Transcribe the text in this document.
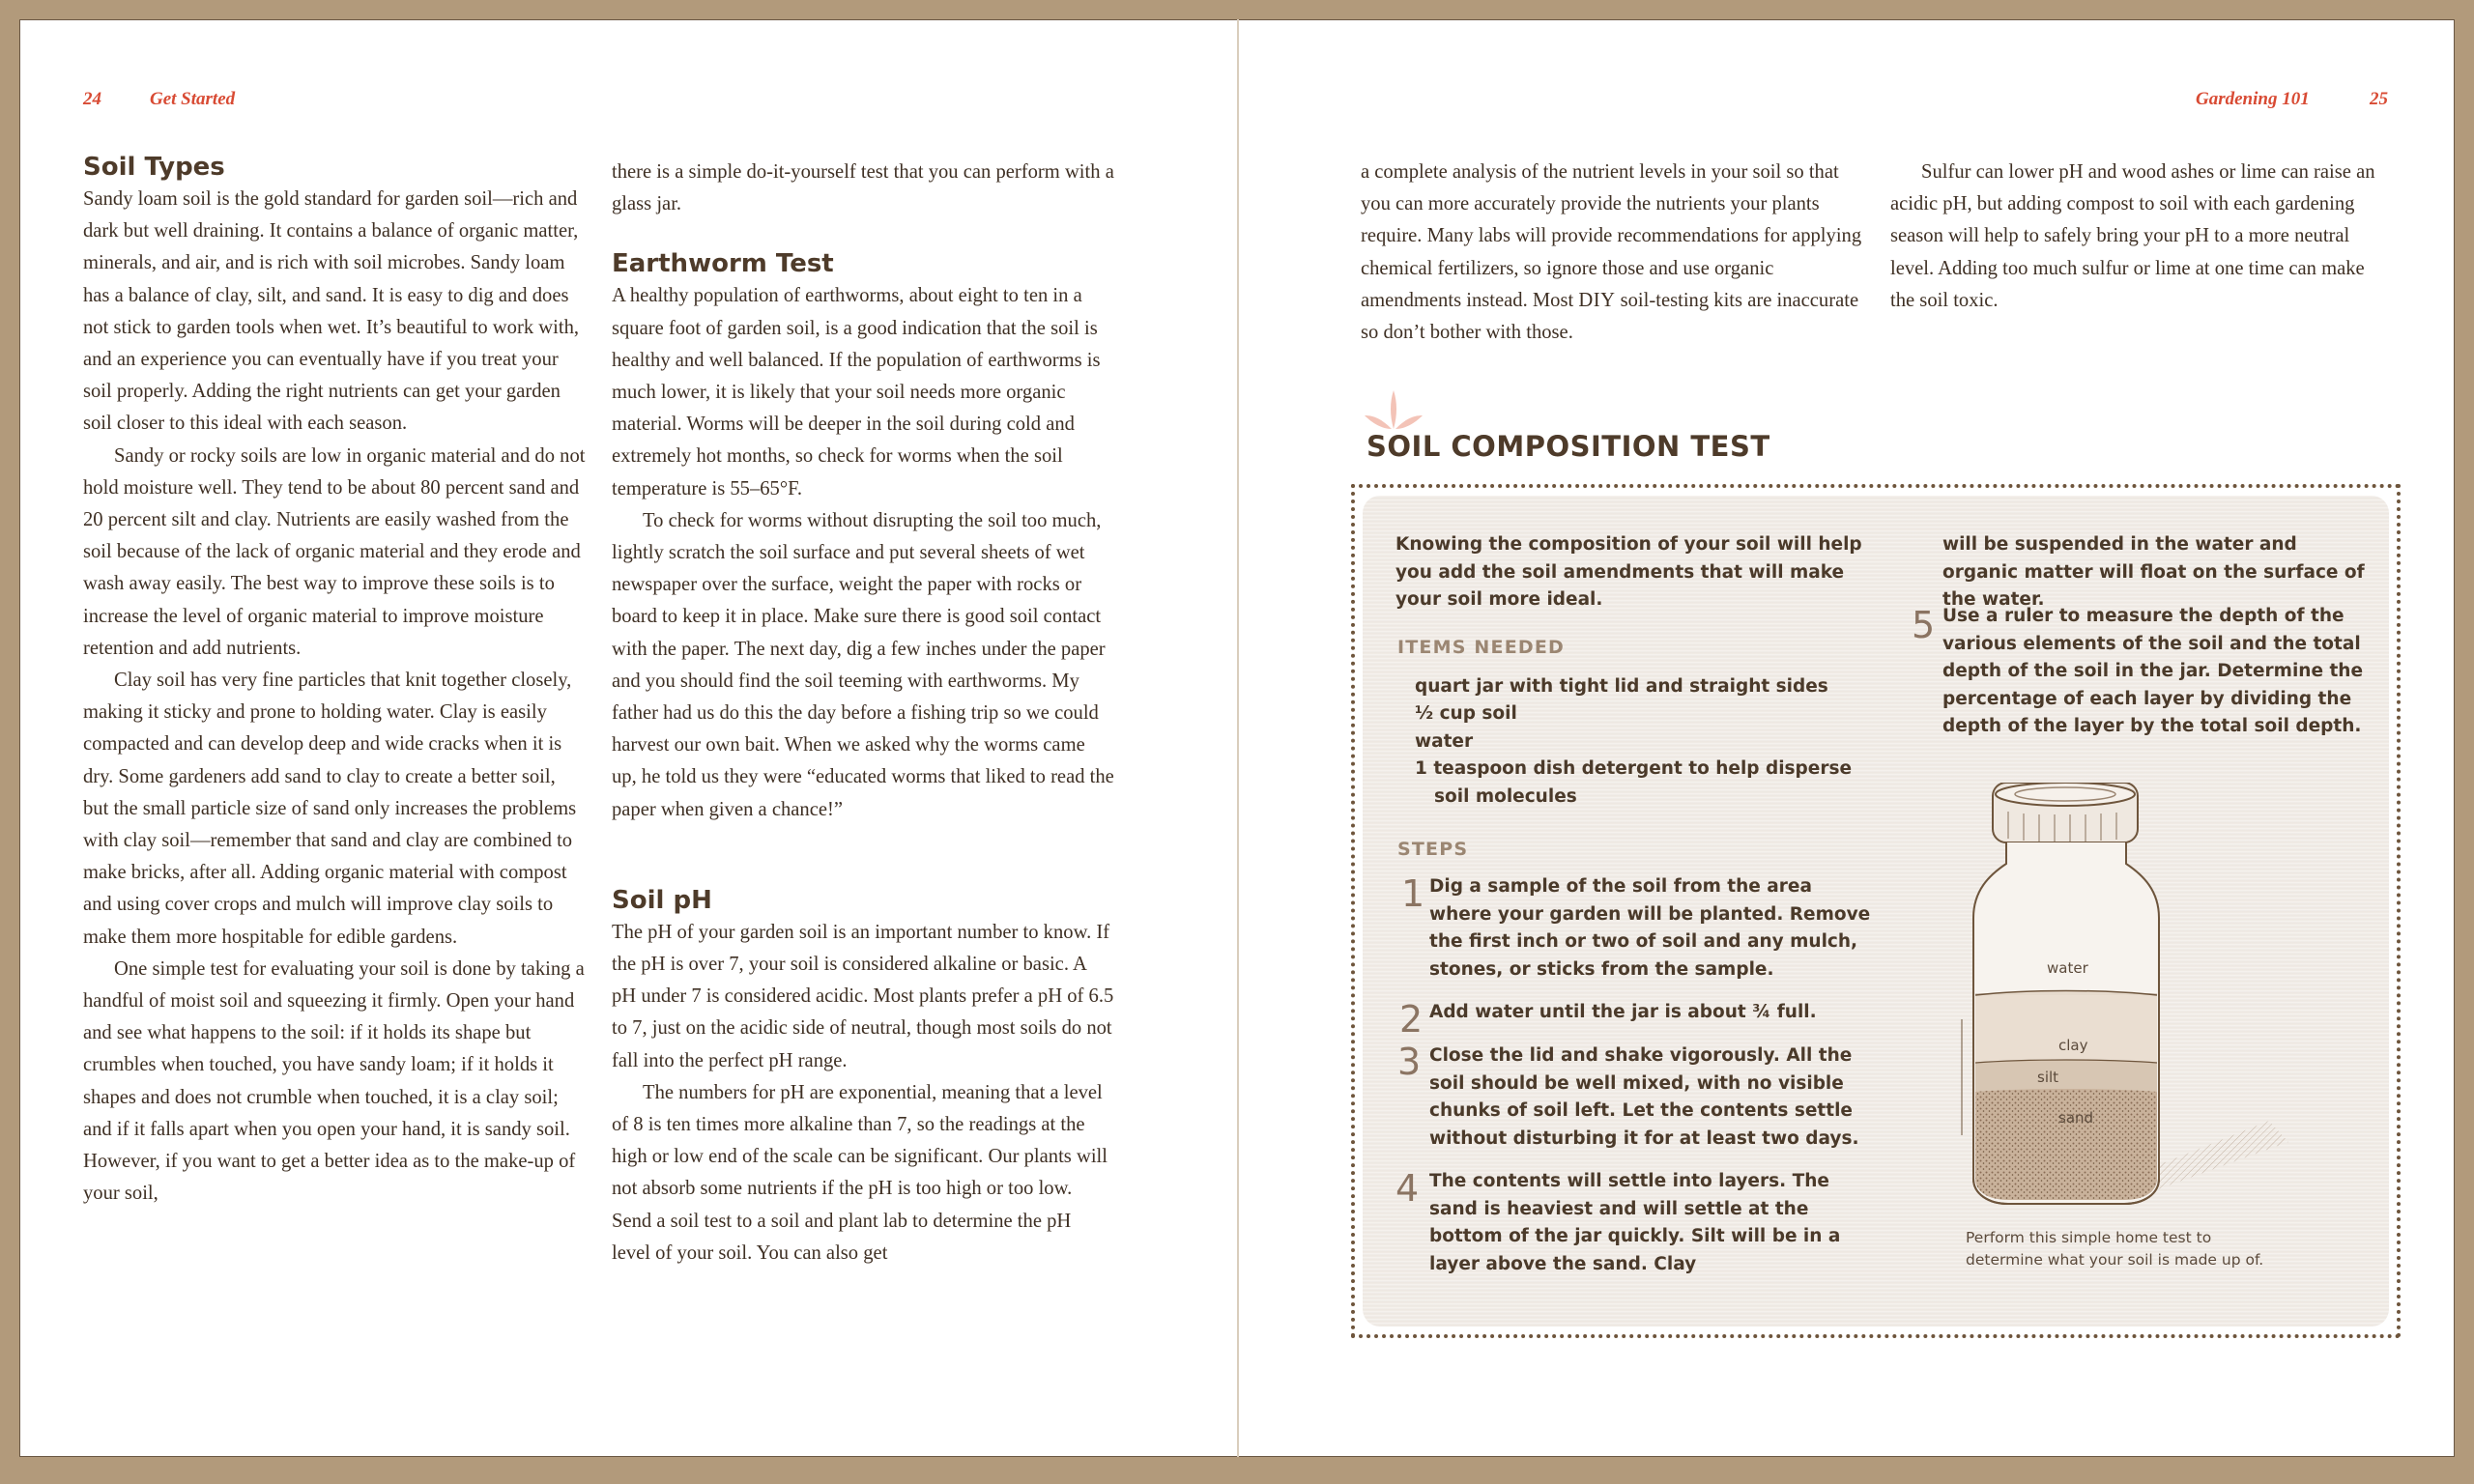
24	Get Started	Gardening 101	25
Soil Types

Sandy loam soil is the gold standard for garden soil—rich and dark but well draining. It contains a balance of organic matter, minerals, and air, and is rich with soil microbes. Sandy loam has a balance of clay, silt, and sand. It is easy to dig and does not stick to garden tools when wet. It’s beautiful to work with, and an experience you can eventually have if you treat your soil properly. Adding the right nutrients can get your garden soil closer to this ideal with each season.

Sandy or rocky soils are low in organic material and do not hold moisture well. They tend to be about 80 percent sand and 20 percent silt and clay. Nutrients are easily washed from the soil because of the lack of organic material and they erode and wash away easily. The best way to improve these soils is to increase the level of organic material to improve moisture retention and add nutrients.

Clay soil has very fine particles that knit together closely, making it sticky and prone to holding water. Clay is easily compacted and can develop deep and wide cracks when it is dry. Some gardeners add sand to clay to create a better soil, but the small particle size of sand only increases the problems with clay soil—remember that sand and clay are combined to make bricks, after all. Adding organic material with compost and using cover crops and mulch will improve clay soils to make them more hospitable for edible gardens.

One simple test for evaluating your soil is done by taking a handful of moist soil and squeezing it firmly. Open your hand and see what happens to the soil: if it holds its shape but crumbles when touched, you have sandy loam; if it holds it shapes and does not crumble when touched, it is a clay soil; and if it falls apart when you open your hand, it is sandy soil. However, if you want to get a better idea as to the make-up of your soil,

there is a simple do-it-yourself test that you can perform with a glass jar.

Earthworm Test

A healthy population of earthworms, about eight to ten in a square foot of garden soil, is a good indication that the soil is healthy and well balanced. If the population of earthworms is much lower, it is likely that your soil needs more organic material. Worms will be deeper in the soil during cold and extremely hot months, so check for worms when the soil temperature is 55–65°F.

To check for worms without disrupting the soil too much, lightly scratch the soil surface and put several sheets of wet newspaper over the surface, weight the paper with rocks or board to keep it in place. Make sure there is good soil contact with the paper. The next day, dig a few inches under the paper and you should find the soil teeming with earthworms. My father had us do this the day before a fishing trip so we could harvest our own bait. When we asked why the worms came up, he told us they were “educated worms that liked to read the paper when given a chance!”

Soil pH

The pH of your garden soil is an important number to know. If the pH is over 7, your soil is considered alkaline or basic. A pH under 7 is considered acidic. Most plants prefer a pH of 6.5 to 7, just on the acidic side of neutral, though most soils do not fall into the perfect pH range.

The numbers for pH are exponential, meaning that a level of 8 is ten times more alkaline than 7, so the readings at the high or low end of the scale can be significant. Our plants will not absorb some nutrients if the pH is too high or too low. Send a soil test to a soil and plant lab to determine the pH level of your soil. You can also get

a complete analysis of the nutrient levels in your soil so that you can more accurately provide the nutrients your plants require. Many labs will provide recommendations for applying chemical fertilizers, so ignore those and use organic amendments instead. Most DIY soil-testing kits are inaccurate so don’t bother with those.

Sulfur can lower pH and wood ashes or lime can raise an acidic pH, but adding compost to soil with each gardening season will help to safely bring your pH to a more neutral level. Adding too much sulfur or lime at one time can make the soil toxic.

SOIL COMPOSITION TEST
Knowing the composition of your soil will help you add the soil amendments that will make your soil more ideal.
ITEMS NEEDED
quart jar with tight lid and straight sides
½ cup soil
water
1 teaspoon dish detergent to help disperse soil molecules
STEPS
1 Dig a sample of the soil from the area where your garden will be planted. Remove the first inch or two of soil and any mulch, stones, or sticks from the sample.
2 Add water until the jar is about ¾ full.
3 Close the lid and shake vigorously. All the soil should be well mixed, with no visible chunks of soil left. Let the contents settle without disturbing it for at least two days.
4 The contents will settle into layers. The sand is heaviest and will settle at the bottom of the jar quickly. Silt will be in a layer above the sand. Clay
will be suspended in the water and organic matter will float on the surface of the water.
5 Use a ruler to measure the depth of the various elements of the soil and the total depth of the soil in the jar. Determine the percentage of each layer by dividing the depth of the layer by the total soil depth.
water
clay
silt
sand
Perform this simple home test to determine what your soil is made up of.
